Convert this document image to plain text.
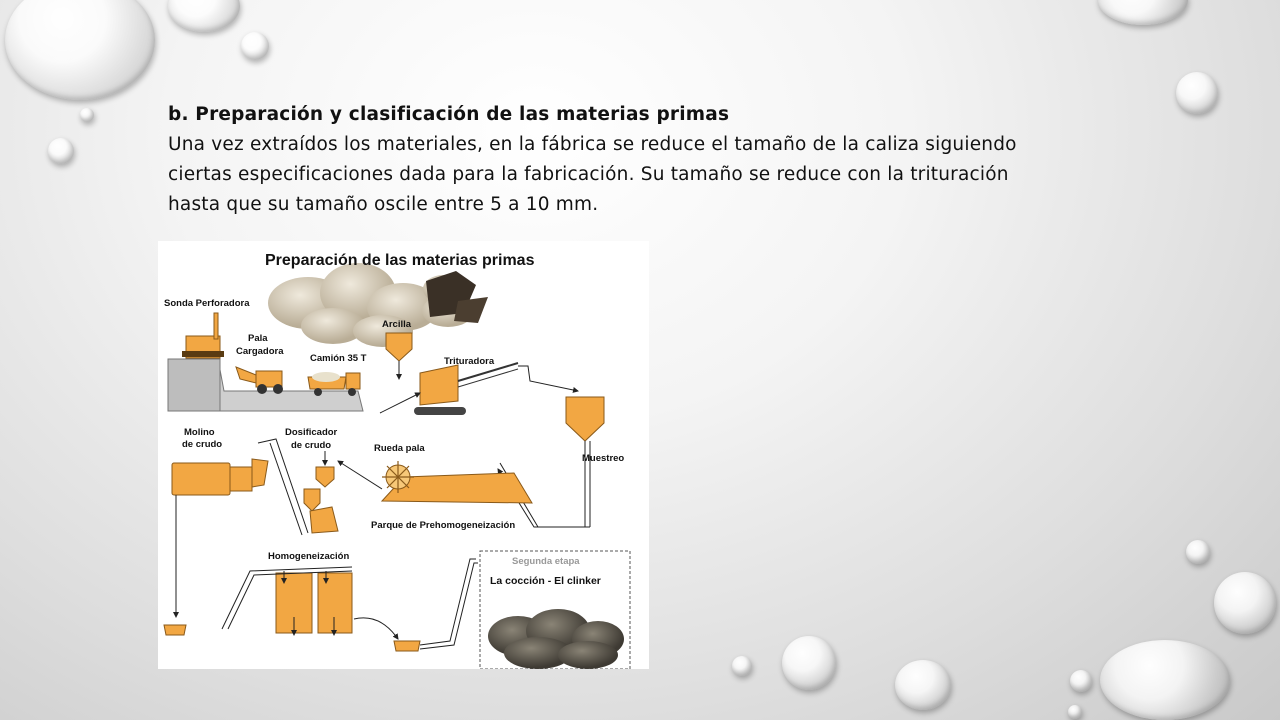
b. Preparación y clasificación de las materias primas

Una vez extraídos los materiales, en la fábrica se reduce el tamaño de la caliza siguiendo ciertas especificaciones dada para la fabricación. Su tamaño se reduce con la trituración hasta que su tamaño oscile entre 5 a 10 mm.

Preparación de las materias primas
Sonda Perforadora
Pala
Cargadora
Camión 35 T
Arcilla
Trituradora
Muestreo
Rueda pala
Parque de Prehomogeneización
Dosificador
de crudo
Molino
de crudo
Homogeneización	Segunda etapa
La cocción - El clinker
